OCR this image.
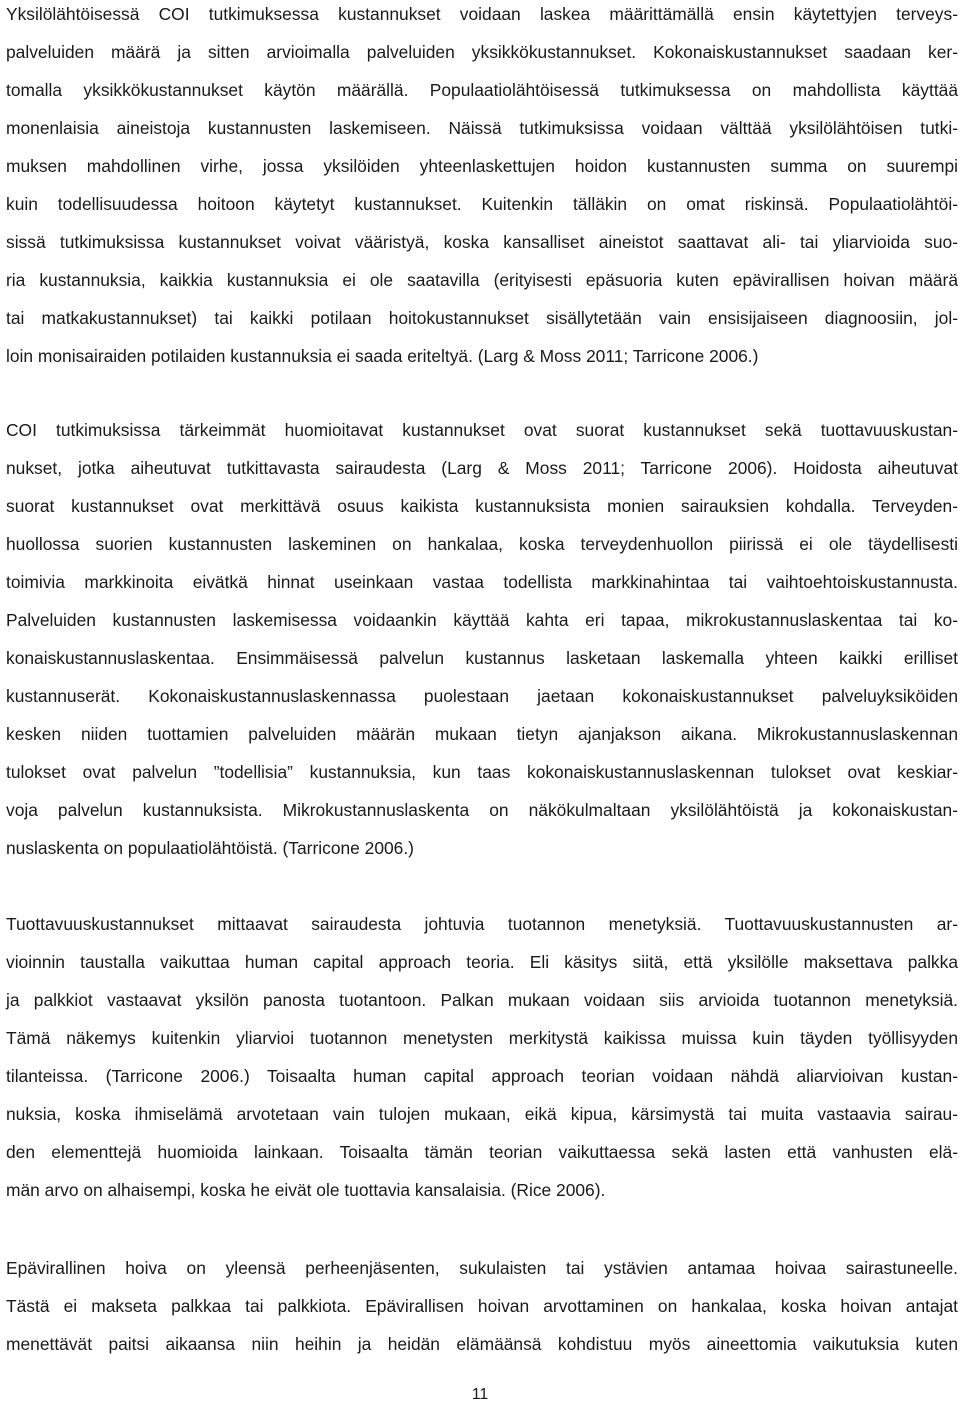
Yksilölähtöisessä COI tutkimuksessa kustannukset voidaan laskea määrittämällä ensin käytettyjen terveys-
palveluiden määrä ja sitten arvioimalla palveluiden yksikkökustannukset. Kokonaiskustannukset saadaan ker-
tomalla yksikkökustannukset käytön määrällä. Populaatiolähtöisessä tutkimuksessa on mahdollista käyttää
monenlaisia aineistoja kustannusten laskemiseen. Näissä tutkimuksissa voidaan välttää yksilölähtöisen tutki-
muksen mahdollinen virhe, jossa yksilöiden yhteenlaskettujen hoidon kustannusten summa on suurempi
kuin todellisuudessa hoitoon käytetyt kustannukset. Kuitenkin tälläkin on omat riskinsä. Populaatiolähtöi-
sissä tutkimuksissa kustannukset voivat vääristyä, koska kansalliset aineistot saattavat ali- tai yliarvioida suo-
ria kustannuksia, kaikkia kustannuksia ei ole saatavilla (erityisesti epäsuoria kuten epävirallisen hoivan määrä
tai matkakustannukset) tai kaikki potilaan hoitokustannukset sisällytetään vain ensisijaiseen diagnoosiin, jol-
loin monisairaiden potilaiden kustannuksia ei saada eriteltyä. (Larg & Moss 2011; Tarricone 2006.)
COI tutkimuksissa tärkeimmät huomioitavat kustannukset ovat suorat kustannukset sekä tuottavuuskustan-
nukset, jotka aiheutuvat tutkittavasta sairaudesta (Larg & Moss 2011; Tarricone 2006). Hoidosta aiheutuvat
suorat kustannukset ovat merkittävä osuus kaikista kustannuksista monien sairauksien kohdalla. Terveyden-
huollossa suorien kustannusten laskeminen on hankalaa, koska terveydenhuollon piirissä ei ole täydellisesti
toimivia markkinoita eivätkä hinnat useinkaan vastaa todellista markkinahintaa tai vaihtoehtoiskustannusta.
Palveluiden kustannusten laskemisessa voidaankin käyttää kahta eri tapaa, mikrokustannuslaskentaa tai ko-
konaiskustannuslaskentaa. Ensimmäisessä palvelun kustannus lasketaan laskemalla yhteen kaikki erilliset
kustannuserät. Kokonaiskustannuslaskennassa puolestaan jaetaan kokonaiskustannukset palveluyksiköiden
kesken niiden tuottamien palveluiden määrän mukaan tietyn ajanjakson aikana. Mikrokustannuslaskennan
tulokset ovat palvelun ”todellisia” kustannuksia, kun taas kokonaiskustannuslaskennan tulokset ovat keskiar-
voja palvelun kustannuksista. Mikrokustannuslaskenta on näkökulmaltaan yksilölähtöistä ja kokonaiskustan-
nuslaskenta on populaatiolähtöistä. (Tarricone 2006.)
Tuottavuuskustannukset mittaavat sairaudesta johtuvia tuotannon menetyksiä. Tuottavuuskustannusten ar-
vioinnin taustalla vaikuttaa human capital approach teoria. Eli käsitys siitä, että yksilölle maksettava palkka
ja palkkiot vastaavat yksilön panosta tuotantoon. Palkan mukaan voidaan siis arvioida tuotannon menetyksiä.
Tämä näkemys kuitenkin yliarvioi tuotannon menetysten merkitystä kaikissa muissa kuin täyden työllisyyden
tilanteissa. (Tarricone 2006.) Toisaalta human capital approach teorian voidaan nähdä aliarvioivan kustan-
nuksia, koska ihmiselämä arvotetaan vain tulojen mukaan, eikä kipua, kärsimystä tai muita vastaavia sairau-
den elementtejä huomioida lainkaan. Toisaalta tämän teorian vaikuttaessa sekä lasten että vanhusten elä-
män arvo on alhaisempi, koska he eivät ole tuottavia kansalaisia. (Rice 2006).
Epävirallinen hoiva on yleensä perheenjäsenten, sukulaisten tai ystävien antamaa hoivaa sairastuneelle.
Tästä ei makseta palkkaa tai palkkiota. Epävirallisen hoivan arvottaminen on hankalaa, koska hoivan antajat
menettävät paitsi aikaansa niin heihin ja heidän elämäänsä kohdistuu myös aineettomia vaikutuksia kuten
11
